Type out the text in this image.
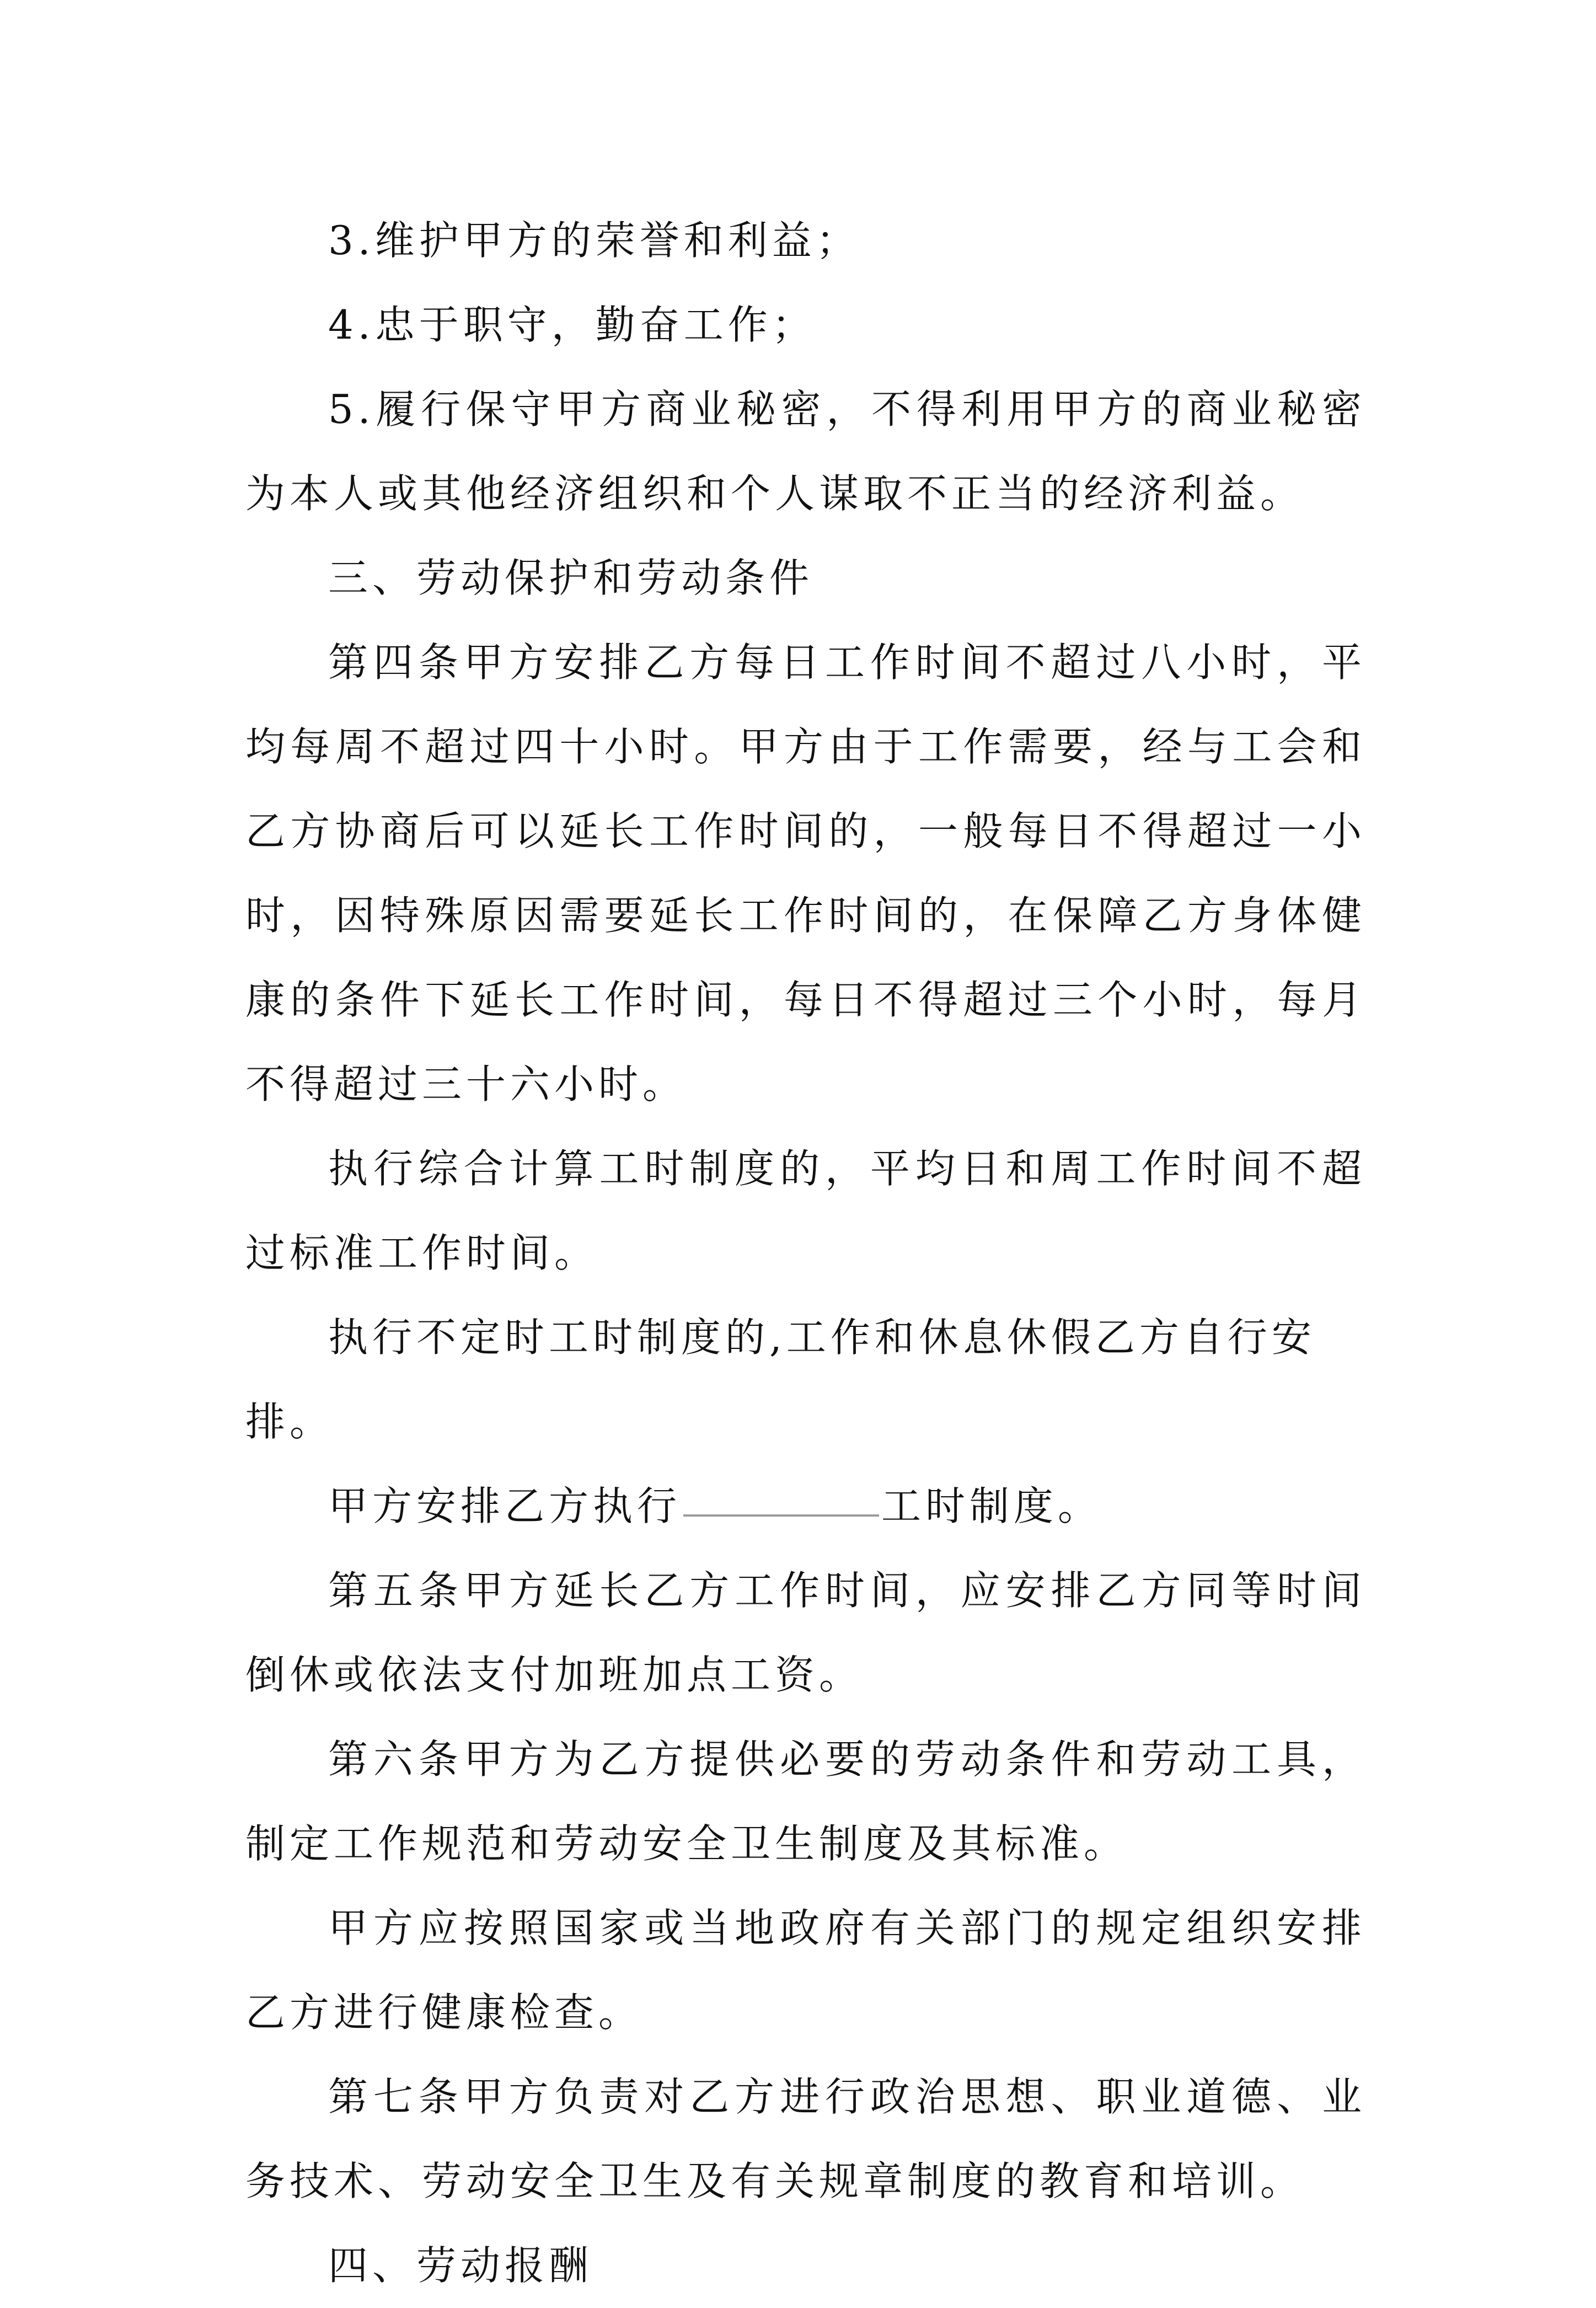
3.维护甲方的荣誉和利益；

4.忠于职守，勤奋工作；

5.履行保守甲方商业秘密，不得利用甲方的商业秘密为本人或其他经济组织和个人谋取不正当的经济利益。

三、劳动保护和劳动条件

第四条甲方安排乙方每日工作时间不超过八小时，平均每周不超过四十小时。甲方由于工作需要，经与工会和乙方协商后可以延长工作时间的，一般每日不得超过一小时，因特殊原因需要延长工作时间的，在保障乙方身体健康的条件下延长工作时间，每日不得超过三个小时，每月不得超过三十六小时。

执行综合计算工时制度的，平均日和周工作时间不超过标准工作时间。

执行不定时工时制度的,工作和休息休假乙方自行安排。

甲方安排乙方执行	工时制度。

第五条甲方延长乙方工作时间，应安排乙方同等时间倒休或依法支付加班加点工资。

第六条甲方为乙方提供必要的劳动条件和劳动工具，制定工作规范和劳动安全卫生制度及其标准。

甲方应按照国家或当地政府有关部门的规定组织安排乙方进行健康检查。

第七条甲方负责对乙方进行政治思想、职业道德、业务技术、劳动安全卫生及有关规章制度的教育和培训。

四、劳动报酬
